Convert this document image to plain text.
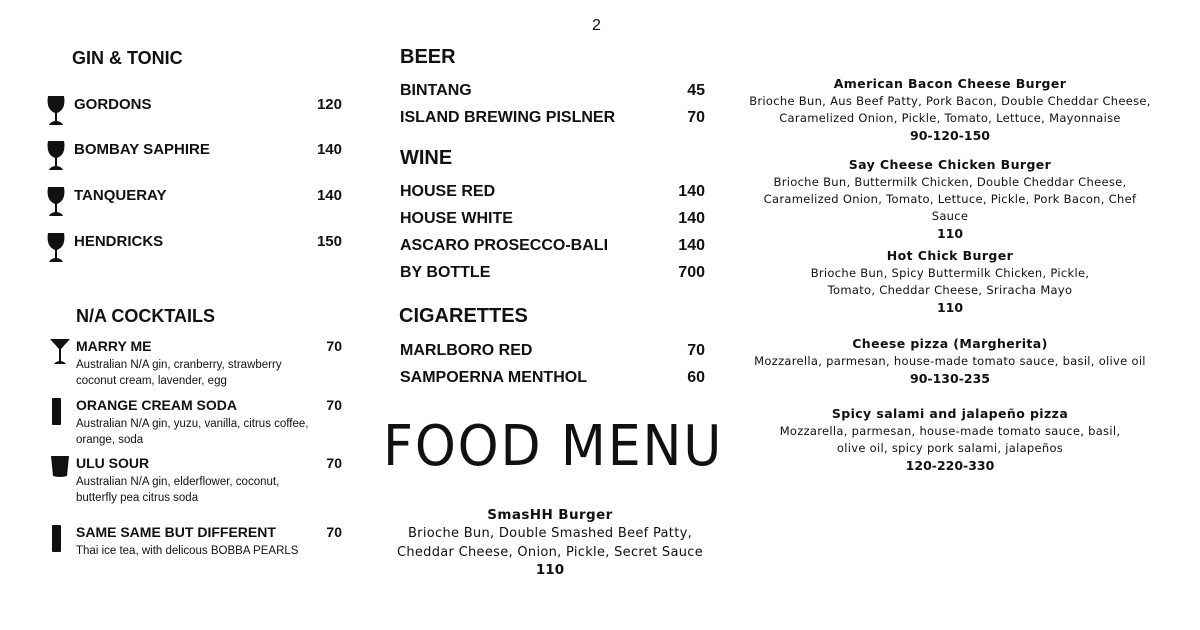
2
GIN & TONIC
GORDONS	120
BOMBAY SAPHIRE	140
TANQUERAY	140
HENDRICKS	150
N/A COCKTAILS
MARRY ME	70
Australian N/A gin, cranberry, strawberry coconut cream, lavender, egg
ORANGE CREAM SODA	70
Australian N/A gin, yuzu, vanilla, citrus coffee, orange, soda
ULU SOUR	70
Australian N/A gin, elderflower, coconut, butterfly pea citrus soda
SAME SAME BUT DIFFERENT	70
Thai ice tea, with delicous BOBBA PEARLS
BEER
WINE
CIGARETTES
BINTANG	45
ISLAND BREWING PISLNER	70
HOUSE RED	140
HOUSE WHITE	140
ASCARO PROSECCO-BALI	140
BY BOTTLE	700
MARLBORO RED	70
SAMPOERNA MENTHOL	60
FOOD MENU
SmasHH Burger
Brioche Bun, Double Smashed Beef Patty,
Cheddar Cheese, Onion, Pickle, Secret Sauce
110
American Bacon Cheese Burger
Brioche Bun, Aus Beef Patty, Pork Bacon, Double Cheddar Cheese,
Caramelized Onion, Pickle, Tomato, Lettuce, Mayonnaise
90-120-150
Say Cheese Chicken Burger
Brioche Bun, Buttermilk Chicken, Double Cheddar Cheese,
Caramelized Onion, Tomato, Lettuce, Pickle, Pork Bacon, Chef Sauce
110
Hot Chick Burger
Brioche Bun, Spicy Buttermilk Chicken, Pickle,
Tomato, Cheddar Cheese, Sriracha Mayo
110
Cheese pizza (Margherita)
Mozzarella, parmesan, house-made tomato sauce, basil, olive oil
90-130-235
Spicy salami and jalapeño pizza
Mozzarella, parmesan, house-made tomato sauce, basil,
olive oil, spicy pork salami, jalapeños
120-220-330
